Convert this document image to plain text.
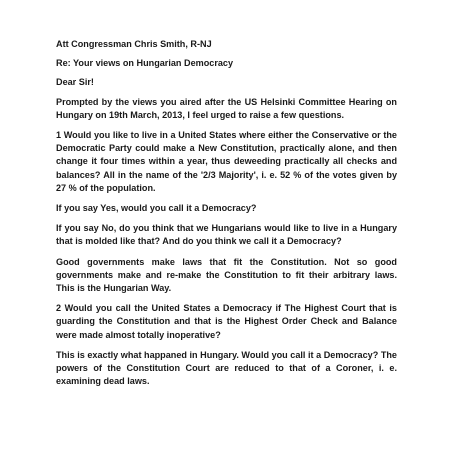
Att Congressman Chris Smith, R-NJ

Re: Your views on Hungarian Democracy

Dear Sir!

Prompted by the views you aired after the US Helsinki Committee Hearing on Hungary on 19th March, 2013, I feel urged to raise a few questions.

1 Would you like to live in a United States where either the Conservative or the Democratic Party could make a New Constitution, practically alone, and then change it four times within a year, thus deweeding practically all checks and balances? All in the name of the '2/3 Majority', i. e. 52 % of the votes given by 27 % of the population.

If you say Yes, would you call it a Democracy?

If you say No, do you think that we Hungarians would like to live in a Hungary that is molded like that? And do you think we call it a Democracy?

Good governments make laws that fit the Constitution. Not so good governments make and re-make the Constitution to fit their arbitrary laws. This is the Hungarian Way.

2 Would you call the United States a Democracy if The Highest Court that is guarding the Constitution and that is the Highest Order Check and Balance were made almost totally inoperative?

This is exactly what happaned in Hungary. Would you call it a Democracy? The powers of the Constitution Court are reduced to that of a Coroner, i. e. examining dead laws.
